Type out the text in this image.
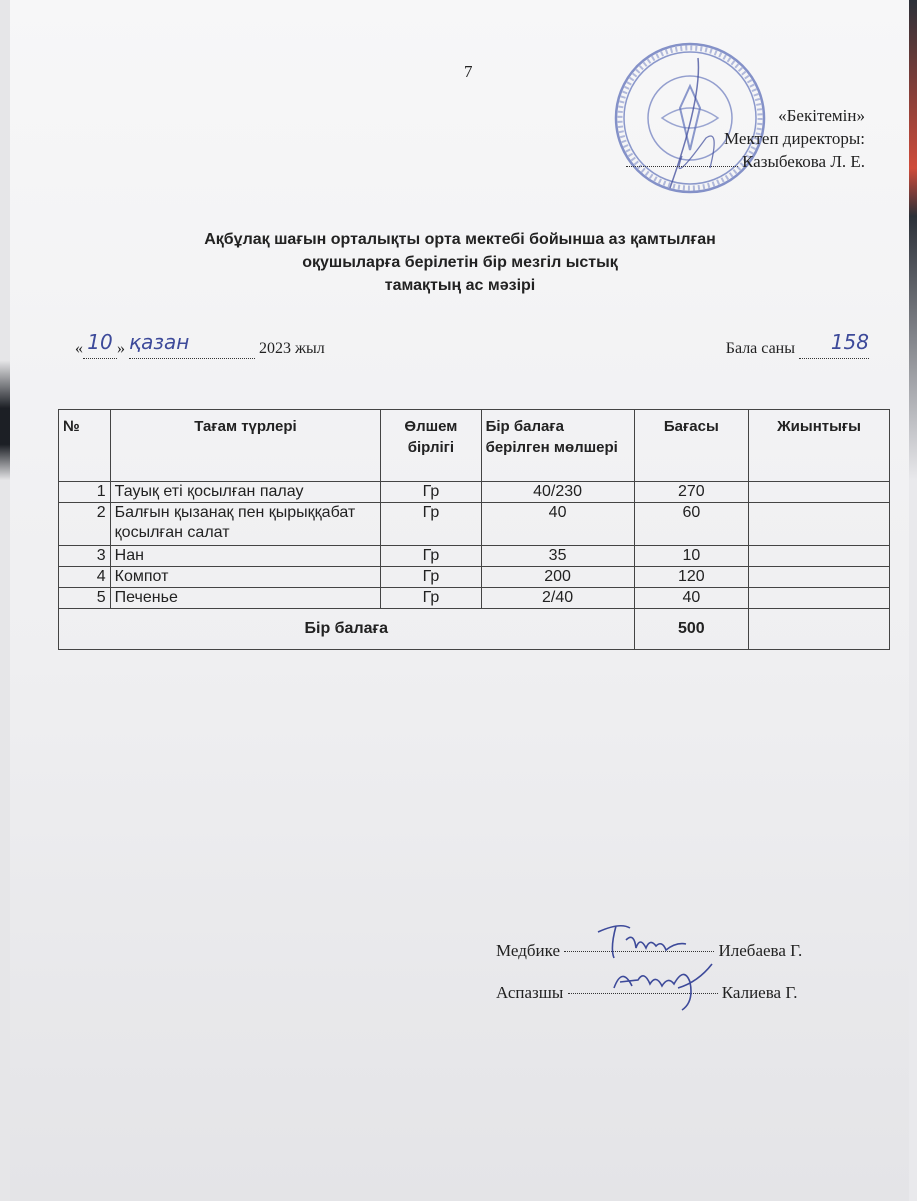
7
«Бекітемін»
Мектеп директоры:
Казыбекова Л. Е.
Ақбұлақ шағын орталықты орта мектебі бойынша аз қамтылған
оқушыларға берілетін бір мезгіл ыстық
тамақтың ас мәзірі
« 10 » қазан	2023 жыл	Бала саны 158
№	Тағам түрлері	Өлшем бірлігі	Бір балаға берілген мөлшері	Бағасы	Жиынтығы
1	Тауық еті қосылған палау	Гр	40/230	270	
2	Балғын қызанақ пен қырыққабат қосылған салат	Гр	40	60	
3	Нан	Гр	35	10	
4	Компот	Гр	200	120	
5	Печенье	Гр	2/40	40	
Бір балаға				500	
Медбике	Илебаева Г.
Аспазшы	Калиева Г.
